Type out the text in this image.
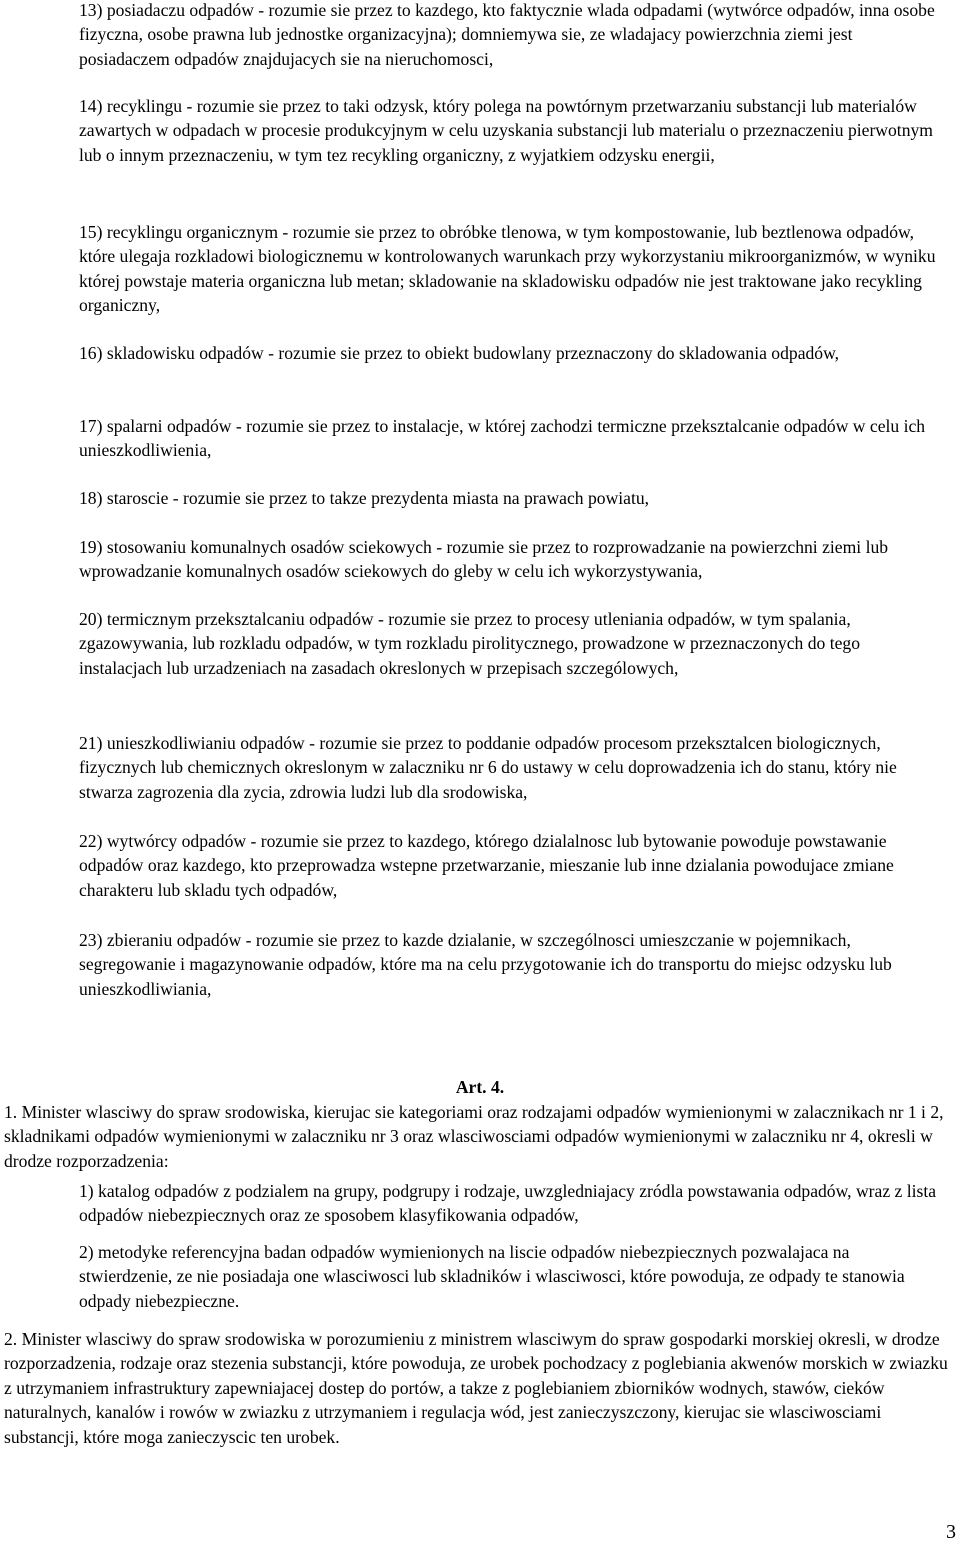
13) posiadaczu odpadów - rozumie sie przez to kazdego, kto faktycznie wlada odpadami (wytwórce odpadów, inna osobe fizyczna, osobe prawna lub jednostke organizacyjna); domniemywa sie, ze wladajacy powierzchnia ziemi jest posiadaczem odpadów znajdujacych sie na nieruchomosci,

14) recyklingu - rozumie sie przez to taki odzysk, który polega na powtórnym przetwarzaniu substancji lub materialów zawartych w odpadach w procesie produkcyjnym w celu uzyskania substancji lub materialu o przeznaczeniu pierwotnym lub o innym przeznaczeniu, w tym tez recykling organiczny, z wyjatkiem odzysku energii,

15) recyklingu organicznym - rozumie sie przez to obróbke tlenowa, w tym kompostowanie, lub beztlenowa odpadów, które ulegaja rozkladowi biologicznemu w kontrolowanych warunkach przy wykorzystaniu mikroorganizmów, w wyniku której powstaje materia organiczna lub metan; skladowanie na skladowisku odpadów nie jest traktowane jako recykling organiczny,

16) skladowisku odpadów - rozumie sie przez to obiekt budowlany przeznaczony do skladowania odpadów,

17) spalarni odpadów - rozumie sie przez to instalacje, w której zachodzi termiczne przeksztalcanie odpadów w celu ich unieszkodliwienia,

18) staroscie - rozumie sie przez to takze prezydenta miasta na prawach powiatu,

19) stosowaniu komunalnych osadów sciekowych - rozumie sie przez to rozprowadzanie na powierzchni ziemi lub wprowadzanie komunalnych osadów sciekowych do gleby w celu ich wykorzystywania,

20) termicznym przeksztalcaniu odpadów - rozumie sie przez to procesy utleniania odpadów, w tym spalania, zgazowywania, lub rozkladu odpadów, w tym rozkladu pirolitycznego, prowadzone w przeznaczonych do tego instalacjach lub urzadzeniach na zasadach okreslonych w przepisach szczególowych,

21) unieszkodliwianiu odpadów - rozumie sie przez to poddanie odpadów procesom przeksztalcen biologicznych, fizycznych lub chemicznych okreslonym w zalaczniku nr 6 do ustawy w celu doprowadzenia ich do stanu, który nie stwarza zagrozenia dla zycia, zdrowia ludzi lub dla srodowiska,

22) wytwórcy odpadów - rozumie sie przez to kazdego, którego dzialalnosc lub bytowanie powoduje powstawanie odpadów oraz kazdego, kto przeprowadza wstepne przetwarzanie, mieszanie lub inne dzialania powodujace zmiane charakteru lub skladu tych odpadów,

23) zbieraniu odpadów - rozumie sie przez to kazde dzialanie, w szczególnosci umieszczanie w pojemnikach, segregowanie i magazynowanie odpadów, które ma na celu przygotowanie ich do transportu do miejsc odzysku lub unieszkodliwiania,

Art. 4.

1. Minister wlasciwy do spraw srodowiska, kierujac sie kategoriami oraz rodzajami odpadów wymienionymi w zalacznikach nr 1 i 2, skladnikami odpadów wymienionymi w zalaczniku nr 3 oraz wlasciwosciami odpadów wymienionymi w zalaczniku nr 4, okresli w drodze rozporzadzenia:

1) katalog odpadów z podzialem na grupy, podgrupy i rodzaje, uwzgledniajacy zródla powstawania odpadów, wraz z lista odpadów niebezpiecznych oraz ze sposobem klasyfikowania odpadów,

2) metodyke referencyjna badan odpadów wymienionych na liscie odpadów niebezpiecznych pozwalajaca na stwierdzenie, ze nie posiadaja one wlasciwosci lub skladników i wlasciwosci, które powoduja, ze odpady te stanowia odpady niebezpieczne.

2. Minister wlasciwy do spraw srodowiska w porozumieniu z ministrem wlasciwym do spraw gospodarki morskiej okresli, w drodze rozporzadzenia, rodzaje oraz stezenia substancji, które powoduja, ze urobek pochodzacy z poglebiania akwenów morskich w zwiazku z utrzymaniem infrastruktury zapewniajacej dostep do portów, a takze z poglebianiem zbiorników wodnych, stawów, cieków naturalnych, kanalów i rowów w zwiazku z utrzymaniem i regulacja wód, jest zanieczyszczony, kierujac sie wlasciwosciami substancji, które moga zanieczyscic ten urobek.

3
